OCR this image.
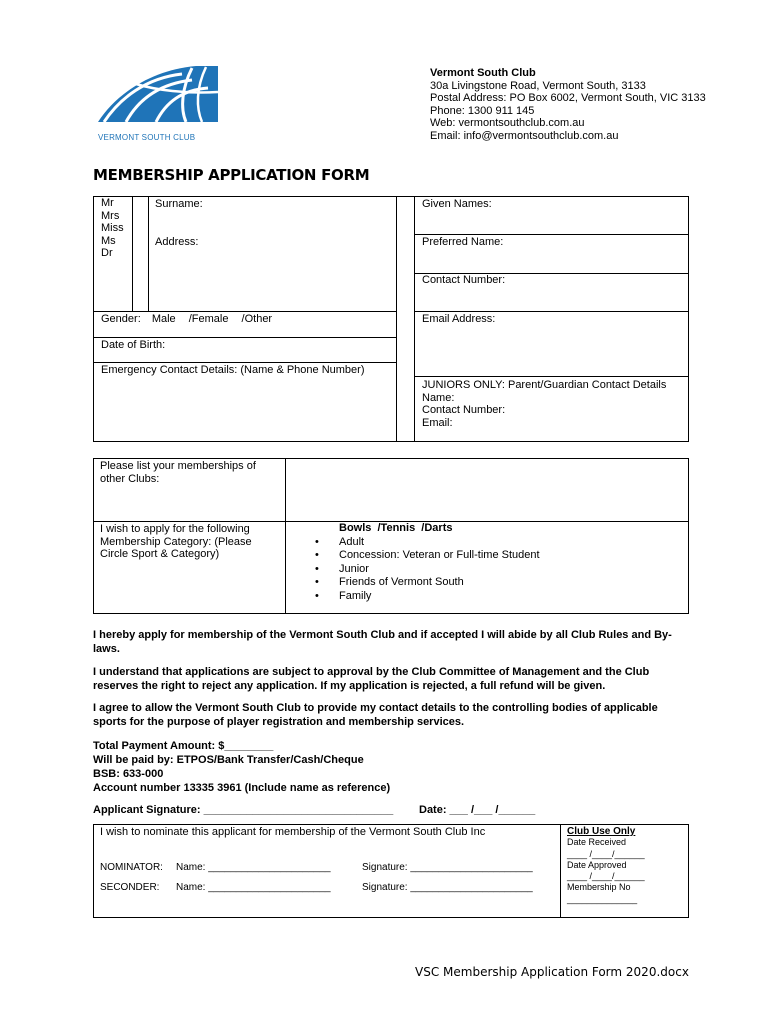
VERMONT SOUTH CLUB
Vermont South Club
30a Livingstone Road, Vermont South, 3133
Postal Address: PO Box 6002, Vermont South, VIC 3133
Phone: 1300 911 145
Web: vermontsouthclub.com.au
Email: info@vermontsouthclub.com.au
MEMBERSHIP APPLICATION FORM
Mr
Mrs
Miss
Ms
Dr
Surname:
Address:
Given Names:
Preferred Name:
Contact Number:
Gender: Male /Female /Other	Email Address:
Date of Birth:
Emergency Contact Details: (Name & Phone Number)
JUNIORS ONLY: Parent/Guardian Contact Details
Name:
Contact Number:
Email:
Please list your memberships of other Clubs:
I wish to apply for the following Membership Category: (Please Circle Sport & Category)
Bowls  /Tennis  /Darts
• Adult
• Concession: Veteran or Full-time Student
• Junior
• Friends of Vermont South
• Family
I hereby apply for membership of the Vermont South Club and if accepted I will abide by all Club Rules and By-laws.
I understand that applications are subject to approval by the Club Committee of Management and the Club reserves the right to reject any application. If my application is rejected, a full refund will be given.
I agree to allow the Vermont South Club to provide my contact details to the controlling bodies of applicable sports for the purpose of player registration and membership services.
Total Payment Amount: $________
Will be paid by: ETPOS/Bank Transfer/Cash/Cheque
BSB: 633-000
Account number 13335 3961 (Include name as reference)
Applicant Signature: _______________________________ Date: ___ /___ /______
I wish to nominate this applicant for membership of the Vermont South Club Inc
NOMINATOR: Name: ______________________	Signature: ______________________
SECONDER: Name: ______________________	Signature: ______________________
Club Use Only
Date Received
____ /____/______
Date Approved
____ /____/______
Membership No
______________
VSC Membership Application Form 2020.docx
